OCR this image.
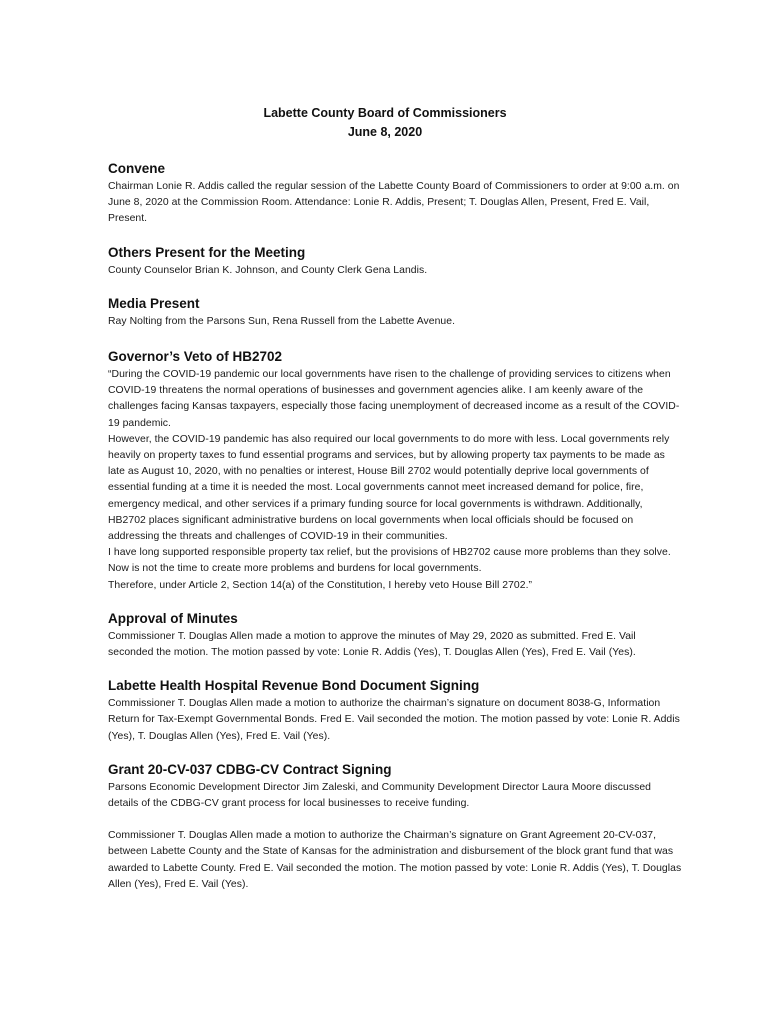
Labette County Board of Commissioners
June 8, 2020
Convene

Chairman Lonie R. Addis called the regular session of the Labette County Board of Commissioners to order at 9:00 a.m. on June 8, 2020 at the Commission Room. Attendance: Lonie R. Addis, Present; T. Douglas Allen, Present, Fred E. Vail, Present.

Others Present for the Meeting

County Counselor Brian K. Johnson, and County Clerk Gena Landis.

Media Present

Ray Nolting from the Parsons Sun, Rena Russell from the Labette Avenue.

Governor’s Veto of HB2702

“During the COVID-19 pandemic our local governments have risen to the challenge of providing services to citizens when COVID-19 threatens the normal operations of businesses and government agencies alike. I am keenly aware of the challenges facing Kansas taxpayers, especially those facing unemployment of decreased income as a result of the COVID-19 pandemic.

However, the COVID-19 pandemic has also required our local governments to do more with less. Local governments rely heavily on property taxes to fund essential programs and services, but by allowing property tax payments to be made as late as August 10, 2020, with no penalties or interest, House Bill 2702 would potentially deprive local governments of essential funding at a time it is needed the most. Local governments cannot meet increased demand for police, fire, emergency medical, and other services if a primary funding source for local governments is withdrawn. Additionally, HB2702 places significant administrative burdens on local governments when local officials should be focused on addressing the threats and challenges of COVID-19 in their communities.

I have long supported responsible property tax relief, but the provisions of HB2702 cause more problems than they solve. Now is not the time to create more problems and burdens for local governments.

Therefore, under Article 2, Section 14(a) of the Constitution, I hereby veto House Bill 2702.”

Approval of Minutes

Commissioner T. Douglas Allen made a motion to approve the minutes of May 29, 2020 as submitted. Fred E. Vail seconded the motion. The motion passed by vote: Lonie R. Addis (Yes), T. Douglas Allen (Yes), Fred E. Vail (Yes).

Labette Health Hospital Revenue Bond Document Signing

Commissioner T. Douglas Allen made a motion to authorize the chairman’s signature on document 8038-G, Information Return for Tax-Exempt Governmental Bonds. Fred E. Vail seconded the motion. The motion passed by vote: Lonie R. Addis (Yes), T. Douglas Allen (Yes), Fred E. Vail (Yes).

Grant 20-CV-037 CDBG-CV Contract Signing

Parsons Economic Development Director Jim Zaleski, and Community Development Director Laura Moore discussed details of the CDBG-CV grant process for local businesses to receive funding.

Commissioner T. Douglas Allen made a motion to authorize the Chairman’s signature on Grant Agreement 20-CV-037, between Labette County and the State of Kansas for the administration and disbursement of the block grant fund that was awarded to Labette County. Fred E. Vail seconded the motion. The motion passed by vote: Lonie R. Addis (Yes), T. Douglas Allen (Yes), Fred E. Vail (Yes).
